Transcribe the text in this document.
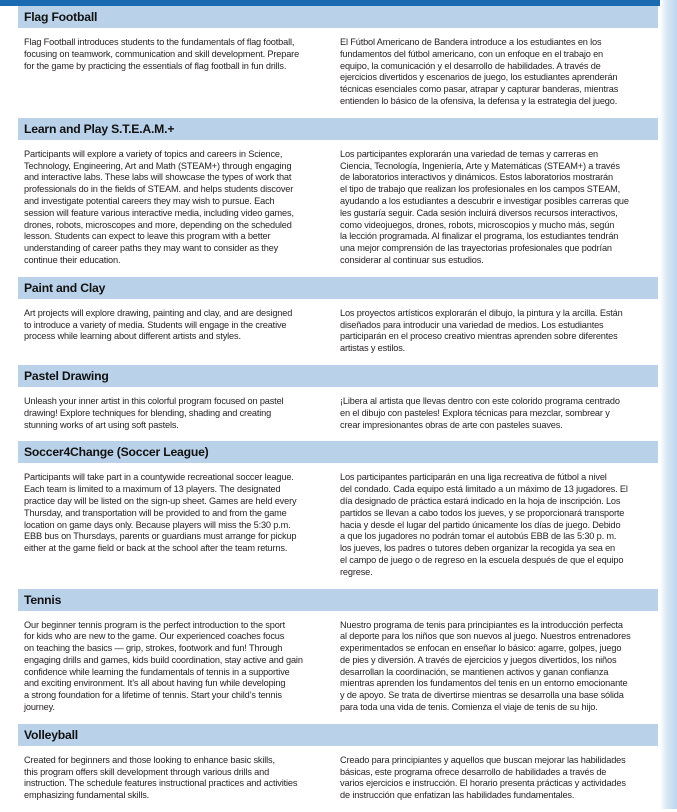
Flag Football
Flag Football introduces students to the fundamentals of flag football,
focusing on teamwork, communication and skill development. Prepare
for the game by practicing the essentials of flag football in fun drills.
El Fútbol Americano de Bandera introduce a los estudiantes en los
fundamentos del fútbol americano, con un enfoque en el trabajo en
equipo, la comunicación y el desarrollo de habilidades. A través de
ejercicios divertidos y escenarios de juego, los estudiantes aprenderán
técnicas esenciales como pasar, atrapar y capturar banderas, mientras
entienden lo básico de la ofensiva, la defensa y la estrategia del juego.
Learn and Play S.T.E.A.M.+
Participants will explore a variety of topics and careers in Science,
Technology, Engineering, Art and Math (STEAM+) through engaging
and interactive labs. These labs will showcase the types of work that
professionals do in the fields of STEAM. and helps students discover
and investigate potential careers they may wish to pursue. Each
session will feature various interactive media, including video games,
drones, robots, microscopes and more, depending on the scheduled
lesson. Students can expect to leave this program with a better
understanding of career paths they may want to consider as they
continue their education.
Los participantes explorarán una variedad de temas y carreras en
Ciencia, Tecnología, Ingeniería, Arte y Matemáticas (STEAM+) a través
de laboratorios interactivos y dinámicos. Estos laboratorios mostrarán
el tipo de trabajo que realizan los profesionales en los campos STEAM,
ayudando a los estudiantes a descubrir e investigar posibles carreras que
les gustaría seguir. Cada sesión incluirá diversos recursos interactivos,
como videojuegos, drones, robots, microscopios y mucho más, según
la lección programada. Al finalizar el programa, los estudiantes tendrán
una mejor comprensión de las trayectorias profesionales que podrían
considerar al continuar sus estudios.
Paint and Clay
Art projects will explore drawing, painting and clay, and are designed
to introduce a variety of media. Students will engage in the creative
process while learning about different artists and styles.
Los proyectos artísticos explorarán el dibujo, la pintura y la arcilla. Están
diseñados para introducir una variedad de medios. Los estudiantes
participarán en el proceso creativo mientras aprenden sobre diferentes
artistas y estilos.
Pastel Drawing
Unleash your inner artist in this colorful program focused on pastel
drawing! Explore techniques for blending, shading and creating
stunning works of art using soft pastels.
¡Libera al artista que llevas dentro con este colorido programa centrado
en el dibujo con pasteles! Explora técnicas para mezclar, sombrear y
crear impresionantes obras de arte con pasteles suaves.
Soccer4Change (Soccer League)
Participants will take part in a countywide recreational soccer league.
Each team is limited to a maximum of 13 players. The designated
practice day will be listed on the sign-up sheet. Games are held every
Thursday, and transportation will be provided to and from the game
location on game days only. Because players will miss the 5:30 p.m.
EBB bus on Thursdays, parents or guardians must arrange for pickup
either at the game field or back at the school after the team returns.
Los participantes participarán en una liga recreativa de fútbol a nivel
del condado. Cada equipo está limitado a un máximo de 13 jugadores. El
día designado de práctica estará indicado en la hoja de inscripción. Los
partidos se llevan a cabo todos los jueves, y se proporcionará transporte
hacia y desde el lugar del partido únicamente los días de juego. Debido
a que los jugadores no podrán tomar el autobús EBB de las 5:30 p. m.
los jueves, los padres o tutores deben organizar la recogida ya sea en
el campo de juego o de regreso en la escuela después de que el equipo
regrese.
Tennis
Our beginner tennis program is the perfect introduction to the sport
for kids who are new to the game. Our experienced coaches focus
on teaching the basics — grip, strokes, footwork and fun! Through
engaging drills and games, kids build coordination, stay active and gain
confidence while learning the fundamentals of tennis in a supportive
and exciting environment. It’s all about having fun while developing
a strong foundation for a lifetime of tennis. Start your child’s tennis
journey.
Nuestro programa de tenis para principiantes es la introducción perfecta
al deporte para los niños que son nuevos al juego. Nuestros entrenadores
experimentados se enfocan en enseñar lo básico: agarre, golpes, juego
de pies y diversión. A través de ejercicios y juegos divertidos, los niños
desarrollan la coordinación, se mantienen activos y ganan confianza
mientras aprenden los fundamentos del tenis en un entorno emocionante
y de apoyo. Se trata de divertirse mientras se desarrolla una base sólida
para toda una vida de tenis. Comienza el viaje de tenis de su hijo.
Volleyball
Created for beginners and those looking to enhance basic skills,
this program offers skill development through various drills and
instruction. The schedule features instructional practices and activities
emphasizing fundamental skills.
Creado para principiantes y aquellos que buscan mejorar las habilidades
básicas, este programa ofrece desarrollo de habilidades a través de
varios ejercicios e instrucción. El horario presenta prácticas y actividades
de instrucción que enfatizan las habilidades fundamentales.
